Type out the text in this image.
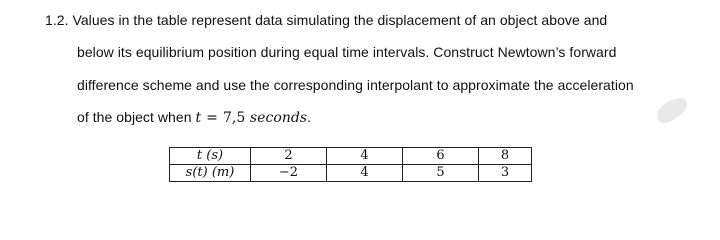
1.2. Values in the table represent data simulating the displacement of an object above and
below its equilibrium position during equal time intervals. Construct Newtown’s forward
difference scheme and use the corresponding interpolant to approximate the acceleration
of the object when t = 7,5 seconds.
t (s)	2	4	6	8
s(t) (m)	−2	4	5	3
